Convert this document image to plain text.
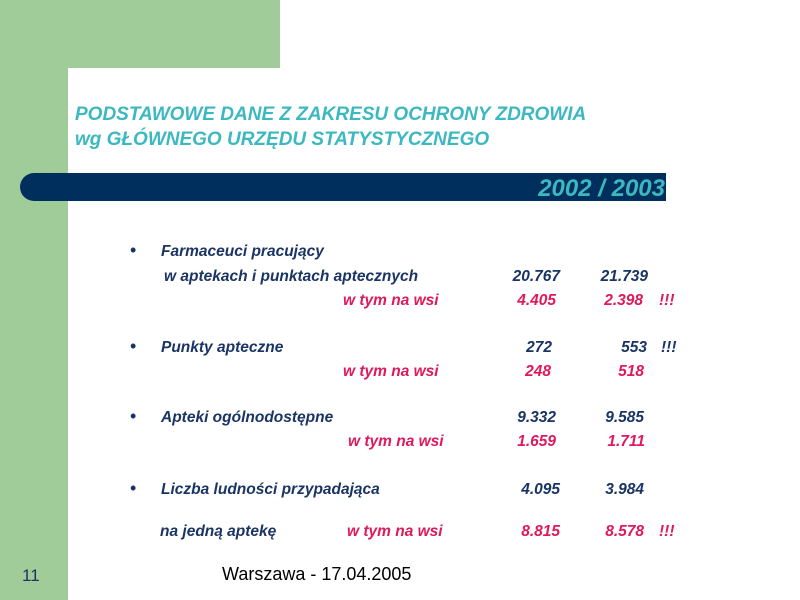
PODSTAWOWE DANE Z ZAKRESU OCHRONY ZDROWIA
wg GŁÓWNEGO URZĘDU STATYSTYCZNEGO
2002 / 2003
• Farmaceuci pracujący
w aptekach i punktach aptecznych	20.767	21.739
w tym na wsi	4.405	2.398 !!!
• Punkty apteczne	272	553 !!!
w tym na wsi	248	518
• Apteki ogólnodostępne	9.332	9.585
w tym na wsi	1.659	1.711
• Liczba ludności przypadająca	4.095	3.984
na jedną aptekę	w tym na wsi	8.815	8.578 !!!
11	Warszawa - 17.04.2005
